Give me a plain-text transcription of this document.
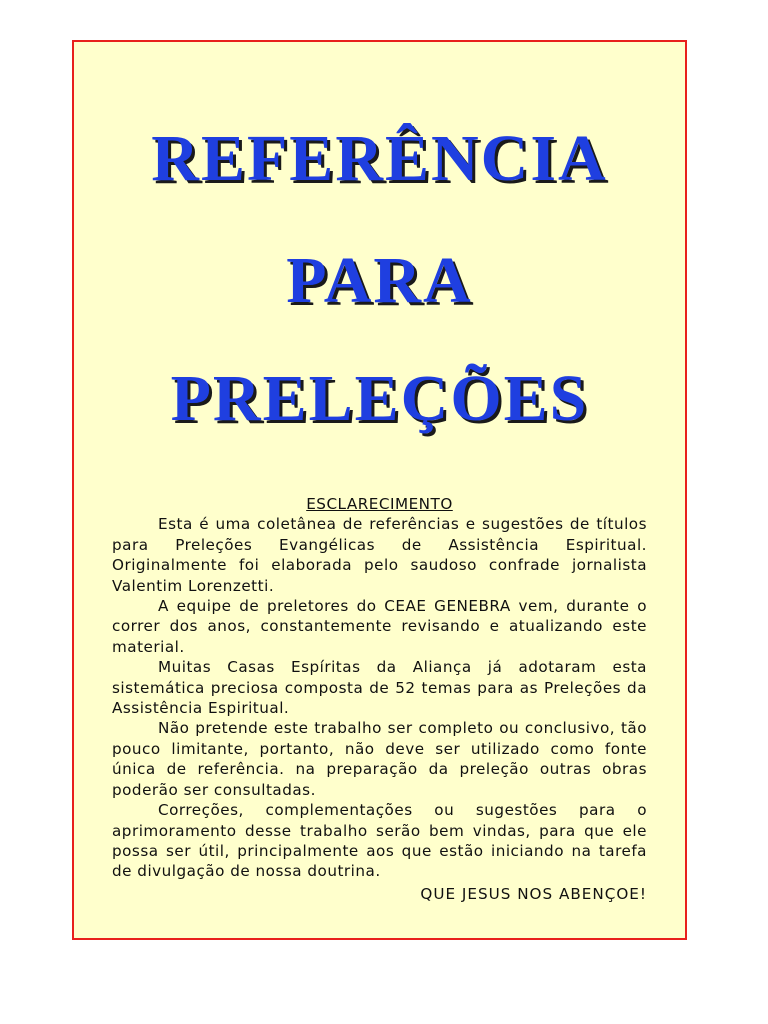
REFERÊNCIA
PARA
PRELEÇÕES

ESCLARECIMENTO

Esta é uma coletânea de referências e sugestões de títulos para Preleções Evangélicas de Assistência Espiritual. Originalmente foi elaborada pelo saudoso confrade jornalista Valentim Lorenzetti.

A equipe de preletores do CEAE GENEBRA vem, durante o correr dos anos, constantemente revisando e atualizando este material.

Muitas Casas Espíritas da Aliança já adotaram esta sistemática preciosa composta de 52 temas para as Preleções da Assistência Espiritual.

Não pretende este trabalho ser completo ou conclusivo, tão pouco limitante, portanto, não deve ser utilizado como fonte única de referência. na preparação da preleção outras obras poderão ser consultadas.

Correções, complementações ou sugestões para o aprimoramento desse trabalho serão bem vindas, para que ele possa ser útil, principalmente aos que estão iniciando na tarefa de divulgação de nossa doutrina.

QUE JESUS NOS ABENÇOE!
